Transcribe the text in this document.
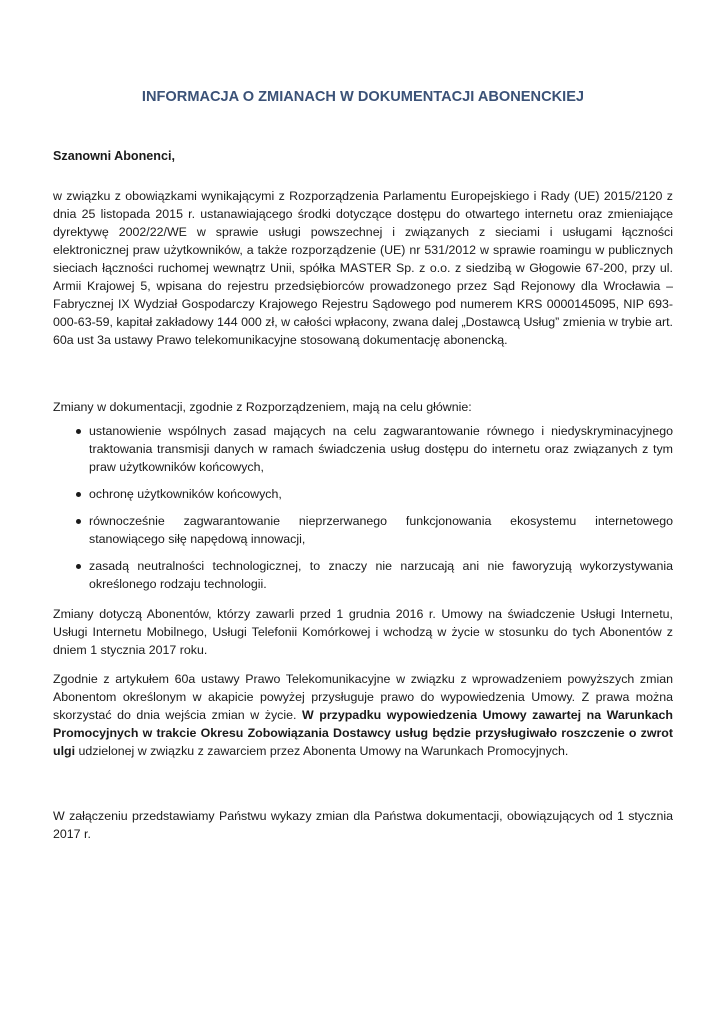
INFORMACJA O ZMIANACH W DOKUMENTACJI ABONENCKIEJ

Szanowni Abonenci,

w związku z obowiązkami wynikającymi z Rozporządzenia Parlamentu Europejskiego i Rady (UE) 2015/2120 z dnia 25 listopada 2015 r. ustanawiającego środki dotyczące dostępu do otwartego internetu oraz zmieniające dyrektywę 2002/22/WE w sprawie usługi powszechnej i związanych z sieciami i usługami łączności elektronicznej praw użytkowników, a także rozporządzenie (UE) nr 531/2012 w sprawie roamingu w publicznych sieciach łączności ruchomej wewnątrz Unii, spółka MASTER Sp. z o.o. z siedzibą w Głogowie 67-200, przy ul. Armii Krajowej 5, wpisana do rejestru przedsiębiorców prowadzonego przez Sąd Rejonowy dla Wrocławia – Fabrycznej IX Wydział Gospodarczy Krajowego Rejestru Sądowego pod numerem KRS 0000145095, NIP 693-000-63-59, kapitał zakładowy 144 000 zł, w całości wpłacony, zwana dalej „Dostawcą Usług” zmienia w trybie art. 60a ust 3a ustawy Prawo telekomunikacyjne stosowaną dokumentację abonencką.

Zmiany w dokumentacji, zgodnie z Rozporządzeniem, mają na celu głównie:

ustanowienie wspólnych zasad mających na celu zagwarantowanie równego i niedyskryminacyjnego traktowania transmisji danych w ramach świadczenia usług dostępu do internetu oraz związanych z tym praw użytkowników końcowych,
ochronę użytkowników końcowych,
równocześnie zagwarantowanie nieprzerwanego funkcjonowania ekosystemu internetowego stanowiącego siłę napędową innowacji,
zasadą neutralności technologicznej, to znaczy nie narzucają ani nie faworyzują wykorzystywania określonego rodzaju technologii.

Zmiany dotyczą Abonentów, którzy zawarli przed 1 grudnia 2016 r. Umowy na świadczenie Usługi Internetu, Usługi Internetu Mobilnego, Usługi Telefonii Komórkowej i wchodzą w życie w stosunku do tych Abonentów z dniem 1 stycznia 2017 roku.

Zgodnie z artykułem 60a ustawy Prawo Telekomunikacyjne w związku z wprowadzeniem powyższych zmian Abonentom określonym w akapicie powyżej przysługuje prawo do wypowiedzenia Umowy. Z prawa można skorzystać do dnia wejścia zmian w życie. W przypadku wypowiedzenia Umowy zawartej na Warunkach Promocyjnych w trakcie Okresu Zobowiązania Dostawcy usług będzie przysługiwało roszczenie o zwrot ulgi udzielonej w związku z zawarciem przez Abonenta Umowy na Warunkach Promocyjnych.

W załączeniu przedstawiamy Państwu wykazy zmian dla Państwa dokumentacji, obowiązujących od 1 stycznia 2017 r.
